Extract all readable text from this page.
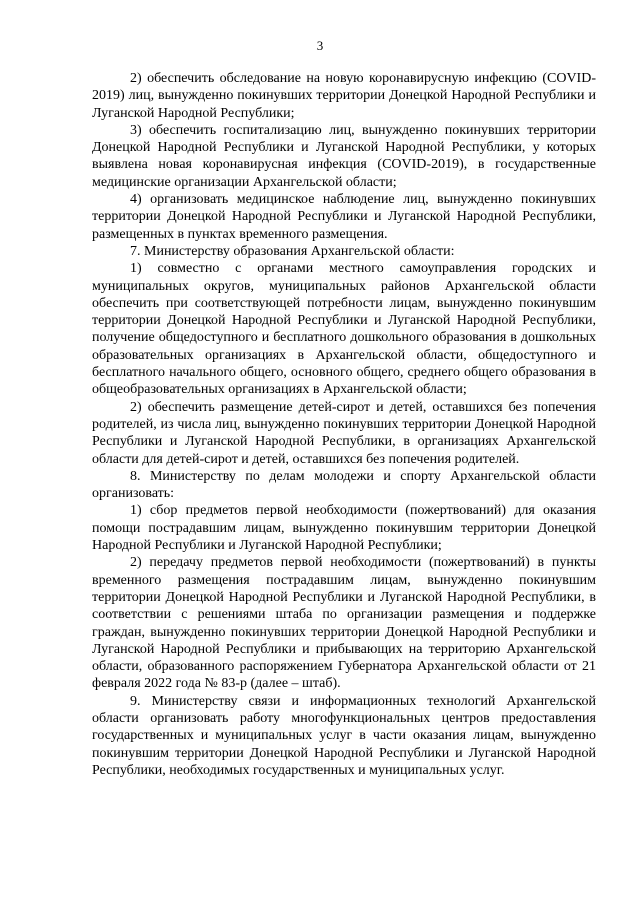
3

2) обеспечить обследование на новую коронавирусную инфекцию (COVID-2019) лиц, вынужденно покинувших территории Донецкой Народной Республики и Луганской Народной Республики;

3) обеспечить госпитализацию лиц, вынужденно покинувших территории Донецкой Народной Республики и Луганской Народной Республики, у которых выявлена новая коронавирусная инфекция (COVID-2019), в государственные медицинские организации Архангельской области;

4) организовать медицинское наблюдение лиц, вынужденно покинувших территории Донецкой Народной Республики и Луганской Народной Республики, размещенных в пунктах временного размещения.

7. Министерству образования Архангельской области:

1) совместно с органами местного самоуправления городских и муниципальных округов, муниципальных районов Архангельской области обеспечить при соответствующей потребности лицам, вынужденно покинувшим территории Донецкой Народной Республики и Луганской Народной Республики, получение общедоступного и бесплатного дошкольного образования в дошкольных образовательных организациях в Архангельской области, общедоступного и бесплатного начального общего, основного общего, среднего общего образования в общеобразовательных организациях в Архангельской области;

2) обеспечить размещение детей-сирот и детей, оставшихся без попечения родителей, из числа лиц, вынужденно покинувших территории Донецкой Народной Республики и Луганской Народной Республики, в организациях Архангельской области для детей-сирот и детей, оставшихся без попечения родителей.

8. Министерству по делам молодежи и спорту Архангельской области организовать:

1) сбор предметов первой необходимости (пожертвований) для оказания помощи пострадавшим лицам, вынужденно покинувшим территории Донецкой Народной Республики и Луганской Народной Республики;

2) передачу предметов первой необходимости (пожертвований) в пункты временного размещения пострадавшим лицам, вынужденно покинувшим территории Донецкой Народной Республики и Луганской Народной Республики, в соответствии с решениями штаба по организации размещения и поддержке граждан, вынужденно покинувших территории Донецкой Народной Республики и Луганской Народной Республики и прибывающих на территорию Архангельской области, образованного распоряжением Губернатора Архангельской области от 21 февраля 2022 года № 83-р (далее – штаб).

9. Министерству связи и информационных технологий Архангельской области организовать работу многофункциональных центров предоставления государственных и муниципальных услуг в части оказания лицам, вынужденно покинувшим территории Донецкой Народной Республики и Луганской Народной Республики, необходимых государственных и муниципальных услуг.
